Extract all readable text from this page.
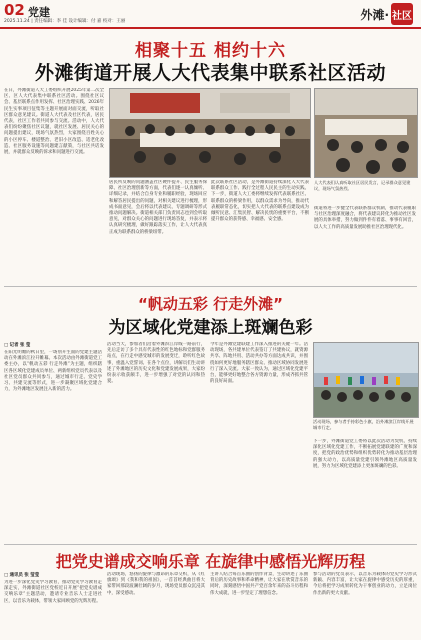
02 党建
2025.11.24 | 责任编辑：李 佳 设计编辑：付 嘉 校对：王丽	外滩· 社区
相聚十五 相约十六
外滩街道开展人大代表集中联系社区活动
在日，外滩街道人大工委组织开展2025年第二次全区、区人大代表集中联系社区活动。围绕社区议会、基层联系点作用发挥、社区治理实践、2026年民生实事项目征集等主题开展面对面交流，听取社区群众意见建议。街道人大代表及社区代表，居民代表，社区工作者共同参与交流。活动中，人大代表们纷纷聚焦社区议题，就社区发展、居民关心的问题提出建议，现场气氛热烈，大家围绕百姓关心的小区停车、楼道整治、老旧小区改造、适老化改造、社区服务设施等问题建言献策，与社区共话发展，并就群众反映的诉求和问题进行交流。
居民所反映的问题涵盖社区硬件提升、民生服务保障、社区治理创新等方面，代表们逐一认真倾听、详细记录，并结合自身专业和履职经验，现场回应和解答居民提出的问题，对相关建议进行梳理，形成书面意见，会后将以代表建议、专题调研等形式推动问题解决。街道相关部门负责同志也到会听取意见，对群众关心的问题进行现场答复，并表示将认真研究梳理，做好跟踪落实工作，让人大代表真正成为联系群众的桥梁纽带。
此次联系社区活动，是外滩街道持续深化人大代表联系群众工作、践行全过程人民民主的生动实践。下一步，街道人大工委将继续发挥代表联系社区、联系群众的桥梁作用，以群众需求为导向，推动代表履职常态化，切实把人大代表的联系点建设成为倾听民意、汇集民智、解决民忧的重要平台，不断提升群众的获得感、幸福感、安全感。
人大代表们认真听取社区居民发言，记录群众意见建议，现场气氛热烈。
街道将进一步健全代表联系群众机制，推动代表履职与社区治理深度融合，将代表建议转化为推动社区发展的具体举措，努力做到件件有着落、事事有回音，以人大工作的高质量发展助推社区治理现代化。
“帆动五彩 行走外滩”
为区域化党建添上斑斓色彩
□ 记者 张 莹
在阳光明媚的秋日里，一场别开生面的党建主题活动在外滩滨江拉开帷幕。本次活动由外滩街道党工委主办，以“帆动五彩 行走外滩”为主题，组织辖区各区域化党建成员单位、两新组织党员代表以及社区党员群众共同参与，通过城市行走、党史学习、共建交流等形式，进一步凝聚区域化党建合力，为外滩地区发展注入新的活力。
活动当天，参加者们沿着外滩滨江岸线一路前行，先后走访了多个具有代表性的红色地标和党群服务站点，在行走中感受城市的发展变迁，聆听红色故事，重温入党誓词。在各个点位，讲解员们生动讲述了外滩地区的历史文化和党建发展成果，大家纷纷表示收获颇丰，进一步增强了对党的认同和热爱。
今年是外滩党建联建工作深入推进的关键一年。活动现场，各共建单位代表签订了共建协议，就资源共享、阵地共用、活动共办等方面达成共识，并围绕如何更好地服务辖区群众、推动区域协同发展进行了深入交流。大家一致认为，通过区域化党建平台，能够更好地整合各方资源力量，形成齐抓共管的良好局面。
活动现场，参与者手持彩色小旗，沿外滩滨江岸线开展城市行走。
下一步，外滩街道党工委将以此次活动为契机，持续深化区域化党建工作，不断拓展党建联建的广度和深度，把党的政治优势和组织优势转化为推动基层治理的强大动力，以高质量党建引领外滩地区高质量发展，努力为区域化党建添上更加斑斓的色彩。
把党史谱成交响乐章 在旋律中感悟光辉历程
□ 通讯员 张 莹莹
为进一步深化党史学习教育，推动党史学习教育走深走实，外滩街道社区党校近日开展“把党史谱成交响乐章”主题活动，邀请专业音乐人士走进社区，以音乐为载体，带领大家回顾党的光辉历程。
活动现场，悠扬的旋律与激昂的乐章交织，从《红旗颂》到《我和我的祖国》，一首首经典曲目将大家带回那段波澜壮阔的岁月，现场党员群众沉浸其中，深受感动。
主讲人结合每首乐曲的创作背景，生动讲述了乐曲背后的历史故事和革命精神，让大家在欣赏音乐的同时，深刻感悟中国共产党百余年来的奋斗历程和伟大成就，进一步坚定了理想信念。
参与活动的党员表示，以音乐为载体的党史学习形式新颖、内容丰富，让大家在旋律中感受历史的厚重，今后将把学习成果转化为干事创业的动力，立足岗位作出新的更大贡献。
